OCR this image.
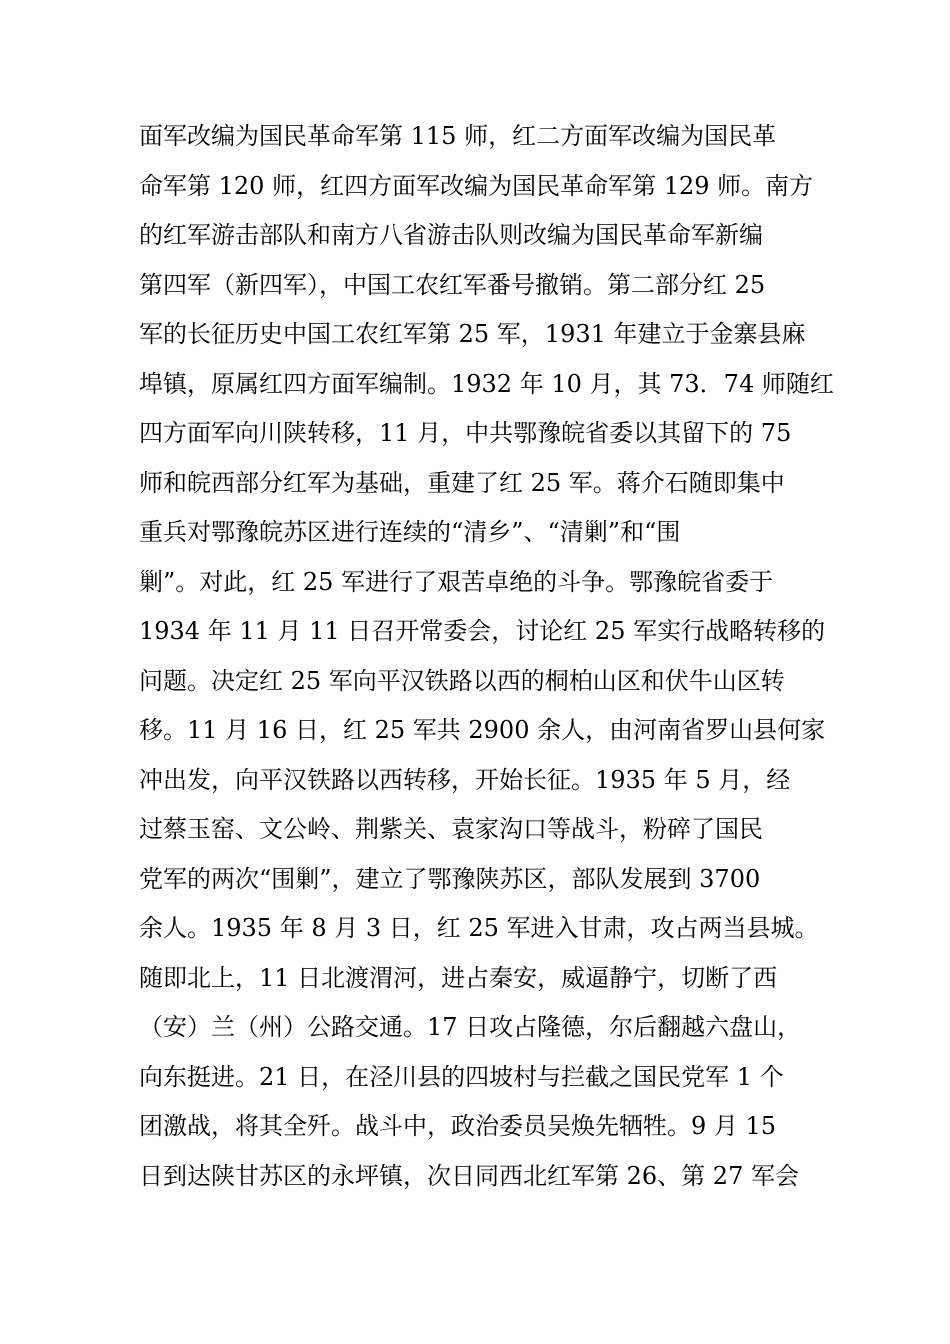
面军改编为国民革命军第 115 师，红二方面军改编为国民革
命军第 120 师，红四方面军改编为国民革命军第 129 师。南方
的红军游击部队和南方八省游击队则改编为国民革命军新编
第四军（新四军），中国工农红军番号撤销。第二部分红 25
军的长征历史中国工农红军第 25 军，1931 年建立于金寨县麻
埠镇，原属红四方面军编制。1932 年 10 月，其 73．74 师随红
四方面军向川陕转移，11 月，中共鄂豫皖省委以其留下的 75
师和皖西部分红军为基础，重建了红 25 军。蒋介石随即集中
重兵对鄂豫皖苏区进行连续的“清乡”、“清剿”和“围
剿”。对此，红 25 军进行了艰苦卓绝的斗争。鄂豫皖省委于
1934 年 11 月 11 日召开常委会，讨论红 25 军实行战略转移的
问题。决定红 25 军向平汉铁路以西的桐柏山区和伏牛山区转
移。11 月 16 日，红 25 军共 2900 余人，由河南省罗山县何家
冲出发，向平汉铁路以西转移，开始长征。1935 年 5 月，经
过蔡玉窑、文公岭、荆紫关、袁家沟口等战斗，粉碎了国民
党军的两次“围剿”，建立了鄂豫陕苏区，部队发展到 3700
余人。1935 年 8 月 3 日，红 25 军进入甘肃，攻占两当县城。
随即北上，11 日北渡渭河，进占秦安，威逼静宁，切断了西
（安）兰（州）公路交通。17 日攻占隆德，尔后翻越六盘山，
向东挺进。21 日，在泾川县的四坡村与拦截之国民党军 1 个
团激战，将其全歼。战斗中，政治委员吴焕先牺牲。9 月 15
日到达陕甘苏区的永坪镇，次日同西北红军第 26、第 27 军会
